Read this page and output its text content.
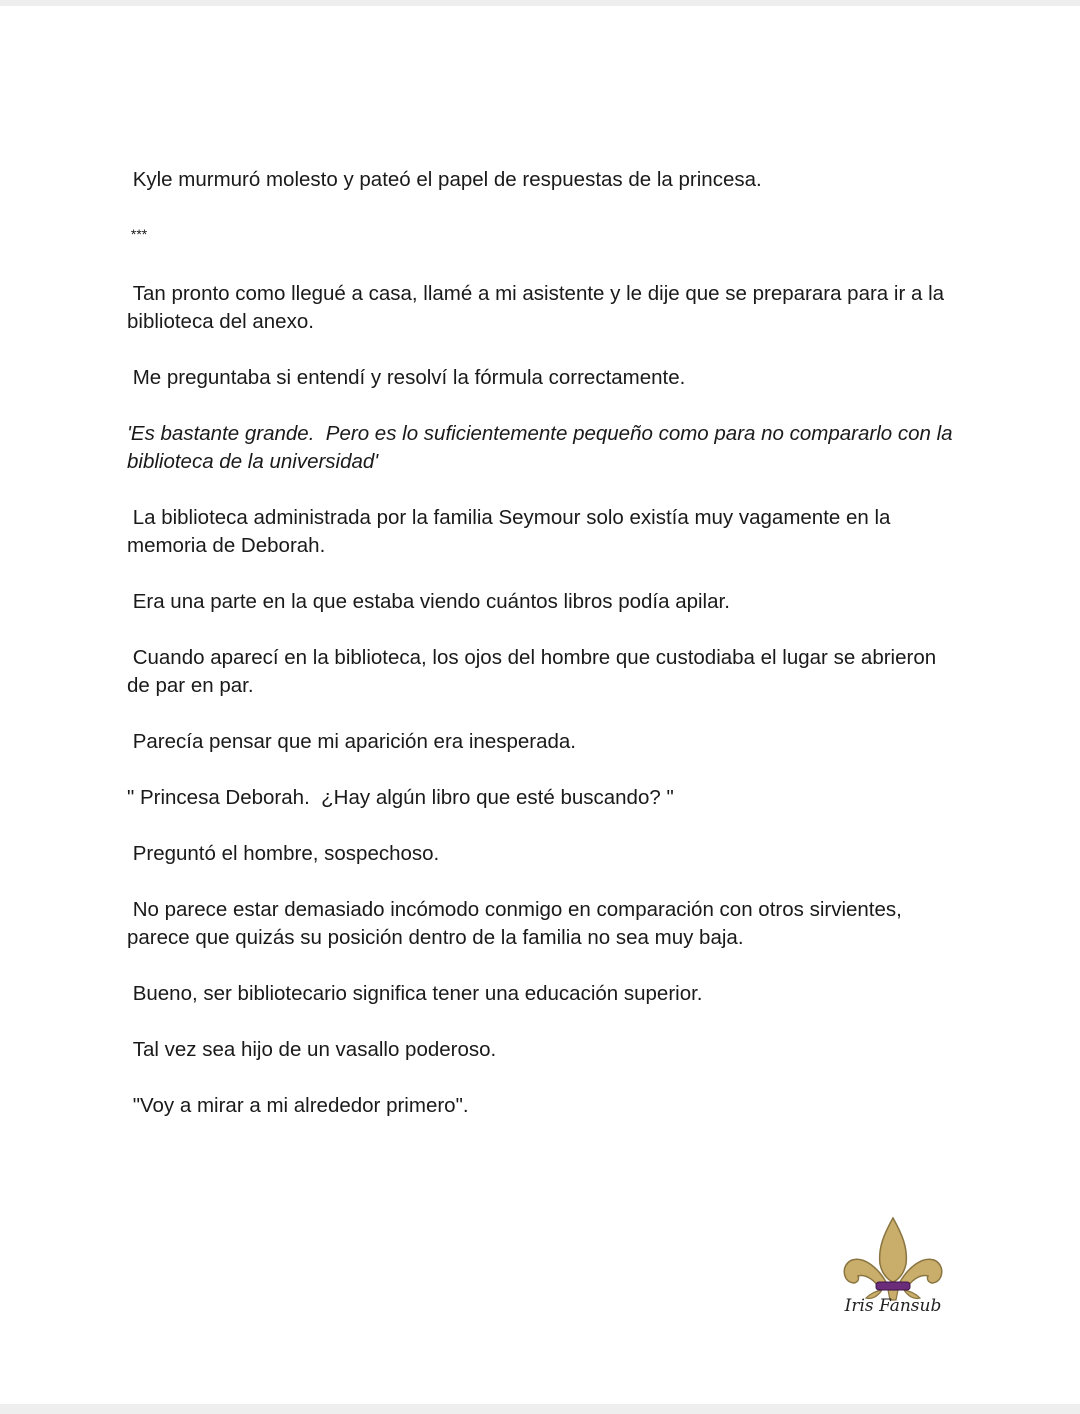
Kyle murmuró molesto y pateó el papel de respuestas de la princesa.

***

Tan pronto como llegué a casa, llamé a mi asistente y le dije que se preparara para ir a la biblioteca del anexo.

Me preguntaba si entendí y resolví la fórmula correctamente.

'Es bastante grande.  Pero es lo suficientemente pequeño como para no compararlo con la biblioteca de la universidad'

La biblioteca administrada por la familia Seymour solo existía muy vagamente en la memoria de Deborah.

Era una parte en la que estaba viendo cuántos libros podía apilar.

Cuando aparecí en la biblioteca, los ojos del hombre que custodiaba el lugar se abrieron de par en par.

Parecía pensar que mi aparición era inesperada.

" Princesa Deborah.  ¿Hay algún libro que esté buscando? "

Preguntó el hombre, sospechoso.

No parece estar demasiado incómodo conmigo en comparación con otros sirvientes, parece que quizás su posición dentro de la familia no sea muy baja.

Bueno, ser bibliotecario significa tener una educación superior.

Tal vez sea hijo de un vasallo poderoso.

"Voy a mirar a mi alrededor primero".

Iris Fansub
